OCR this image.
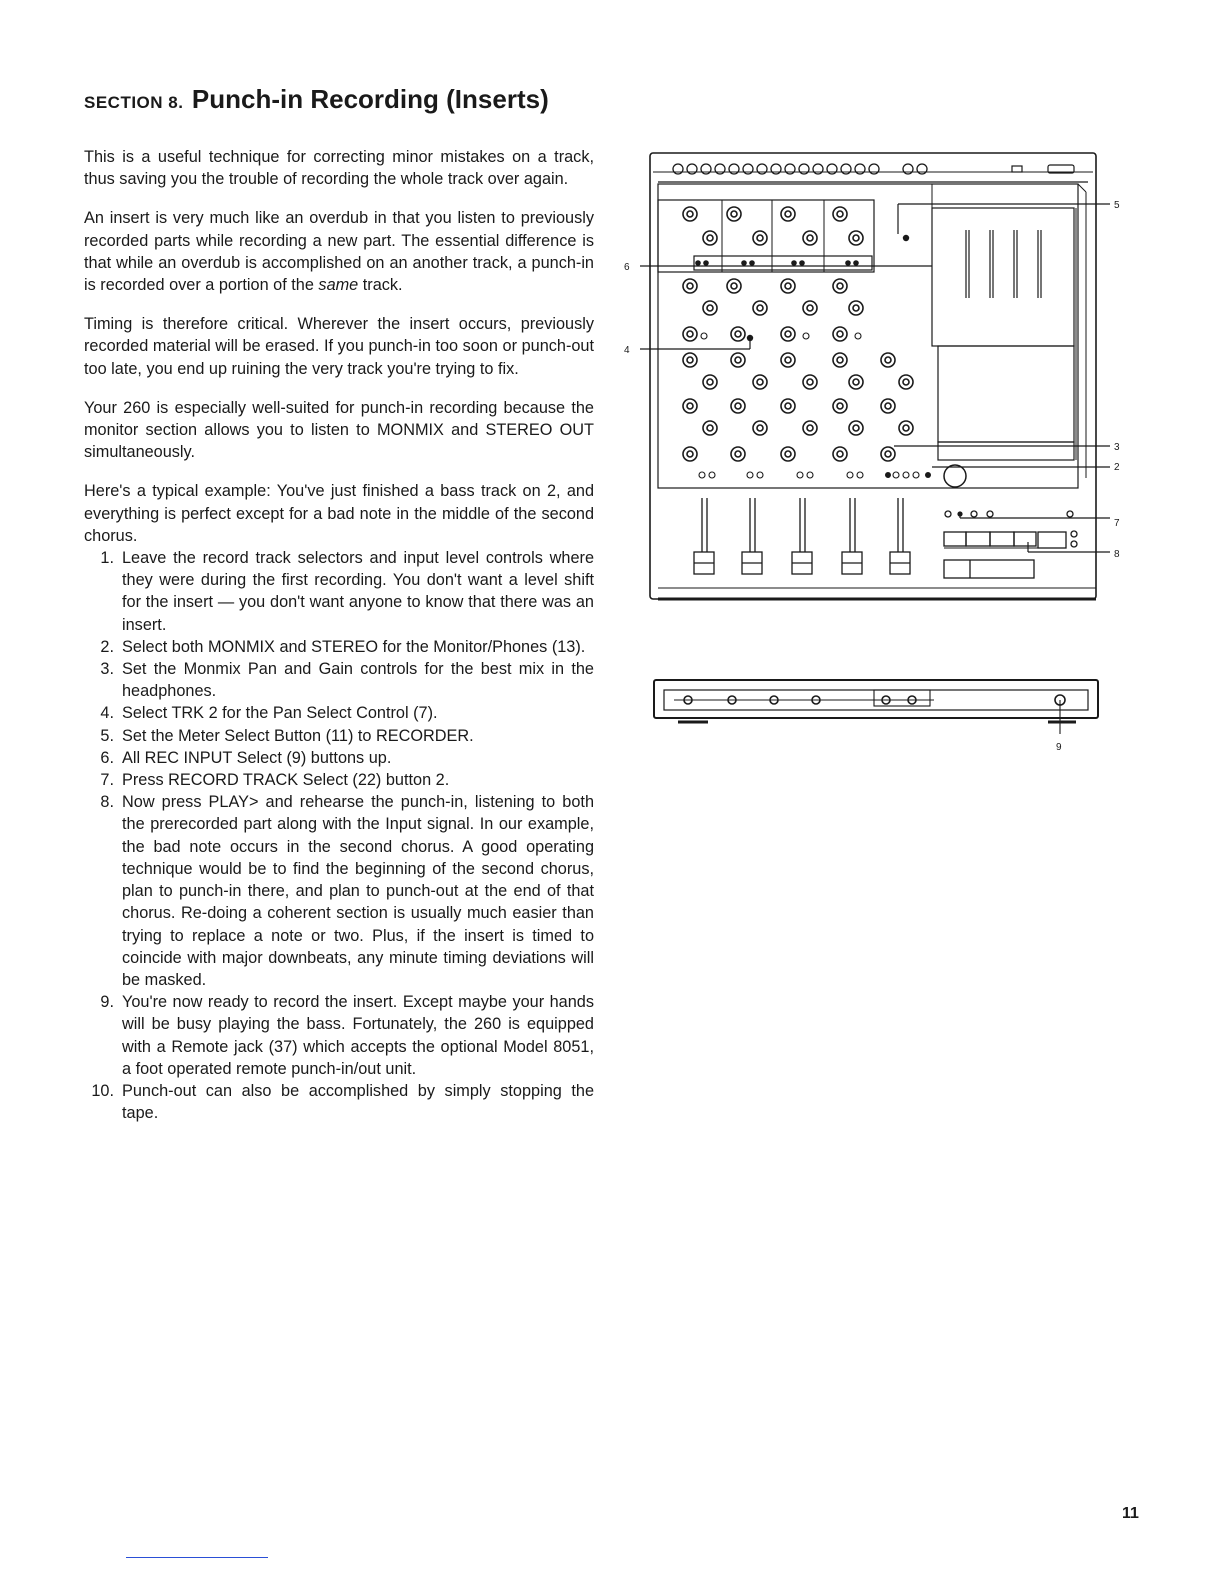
SECTION 8. Punch-in Recording (Inserts)

This is a useful technique for correcting minor mistakes on a track, thus saving you the trouble of recording the whole track over again.

An insert is very much like an overdub in that you listen to previously recorded parts while recording a new part. The essential difference is that while an overdub is accomplished on an another track, a punch-in is recorded over a portion of the same track.

Timing is therefore critical. Wherever the insert occurs, previously recorded material will be erased. If you punch-in too soon or punch-out too late, you end up ruining the very track you're trying to fix.

Your 260 is especially well-suited for punch-in recording because the monitor section allows you to listen to MONMIX and STEREO OUT simultaneously.

Here's a typical example: You've just finished a bass track on 2, and everything is perfect except for a bad note in the middle of the second chorus.

1. Leave the record track selectors and input level controls where they were during the first recording. You don't want a level shift for the insert — you don't want anyone to know that there was an insert.
2. Select both MONMIX and STEREO for the Monitor/Phones (13).
3. Set the Monmix Pan and Gain controls for the best mix in the headphones.
4. Select TRK 2 for the Pan Select Control (7).
5. Set the Meter Select Button (11) to RECORDER.
6. All REC INPUT Select (9) buttons up.
7. Press RECORD TRACK Select (22) button 2.
8. Now press PLAY> and rehearse the punch-in, listening to both the prerecorded part along with the Input signal. In our example, the bad note occurs in the second chorus. A good operating technique would be to find the beginning of the second chorus, plan to punch-in there, and plan to punch-out at the end of that chorus. Re-doing a coherent section is usually much easier than trying to replace a note or two. Plus, if the insert is timed to coincide with major downbeats, any minute timing deviations will be masked.
9. You're now ready to record the insert. Except maybe your hands will be busy playing the bass. Fortunately, the 260 is equipped with a Remote jack (37) which accepts the optional Model 8051, a foot operated remote punch-in/out unit.
10. Punch-out can also be accomplished by simply stopping the tape.
5
6
4
3
2
7
8
9
11
